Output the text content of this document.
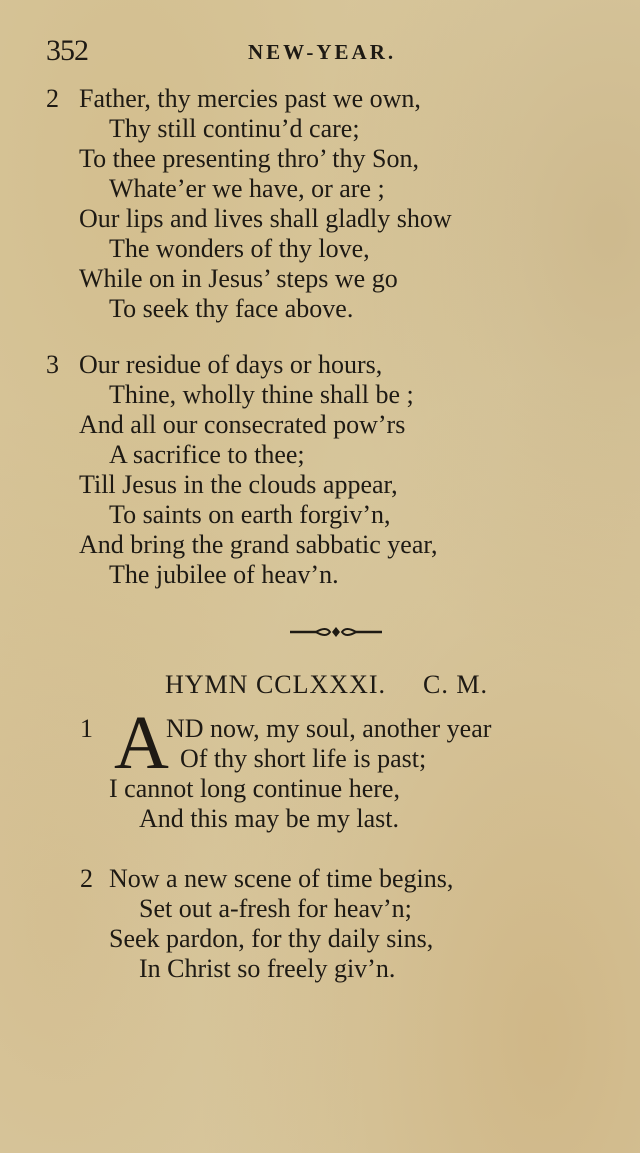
352	NEW-YEAR.
2 Father, thy mercies past we own,
Thy still continu’d care;
To thee presenting thro’ thy Son,
Whate’er we have, or are ;
Our lips and lives shall gladly show
The wonders of thy love,
While on in Jesus’ steps we go
To seek thy face above.
3 Our residue of days or hours,
Thine, wholly thine shall be ;
And all our consecrated pow’rs
A sacrifice to thee;
Till Jesus in the clouds appear,
To saints on earth forgiv’n,
And bring the grand sabbatic year,
The jubilee of heav’n.
HYMN CCLXXXI. C. M.
1 A
ND now, my soul, another year
Of thy short life is past;
I cannot long continue here,
And this may be my last.
2 Now a new scene of time begins,
Set out a-fresh for heav’n;
Seek pardon, for thy daily sins,
In Christ so freely giv’n.
